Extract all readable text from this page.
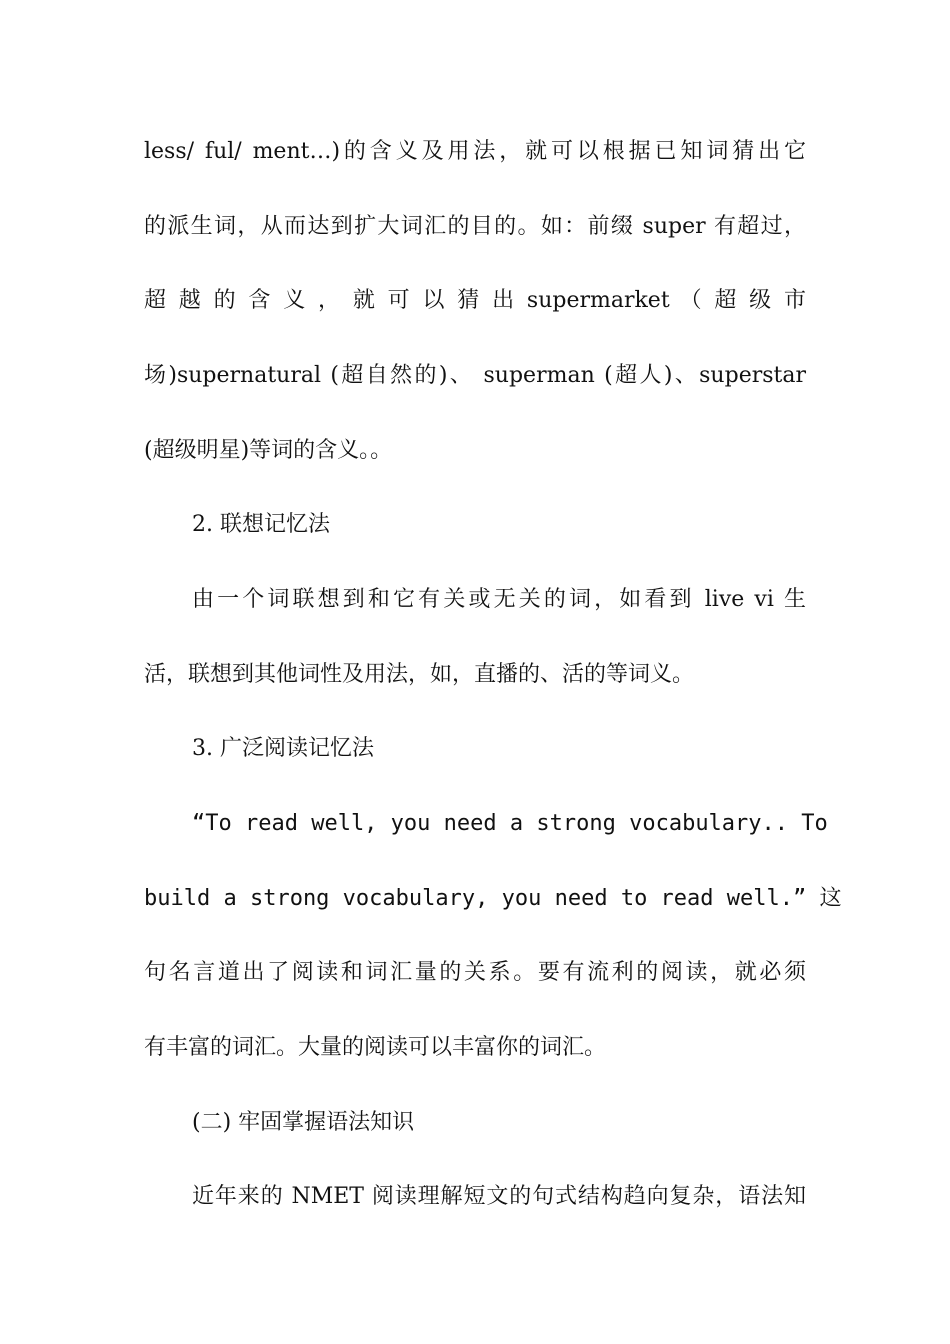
less/ ful/ ment…)的含义及用法，就可以根据已知词猜出它
的派生词，从而达到扩大词汇的目的。如：前缀 super 有超过，
超 越 的 含 义 ， 就 可 以 猜 出 supermarket （ 超 级 市
场)supernatural (超自然的)、 superman (超人)、superstar
(超级明星)等词的含义。。
2. 联想记忆法
由一个词联想到和它有关或无关的词，如看到 live vi 生
活，联想到其他词性及用法，如，直播的、活的等词义。
3. 广泛阅读记忆法
“To read well, you need a strong vocabulary.. To
build a strong vocabulary, you need to read well.” 这
句名言道出了阅读和词汇量的关系。要有流利的阅读，就必须
有丰富的词汇。大量的阅读可以丰富你的词汇。
(二) 牢固掌握语法知识
近年来的 NMET 阅读理解短文的句式结构趋向复杂，语法知
